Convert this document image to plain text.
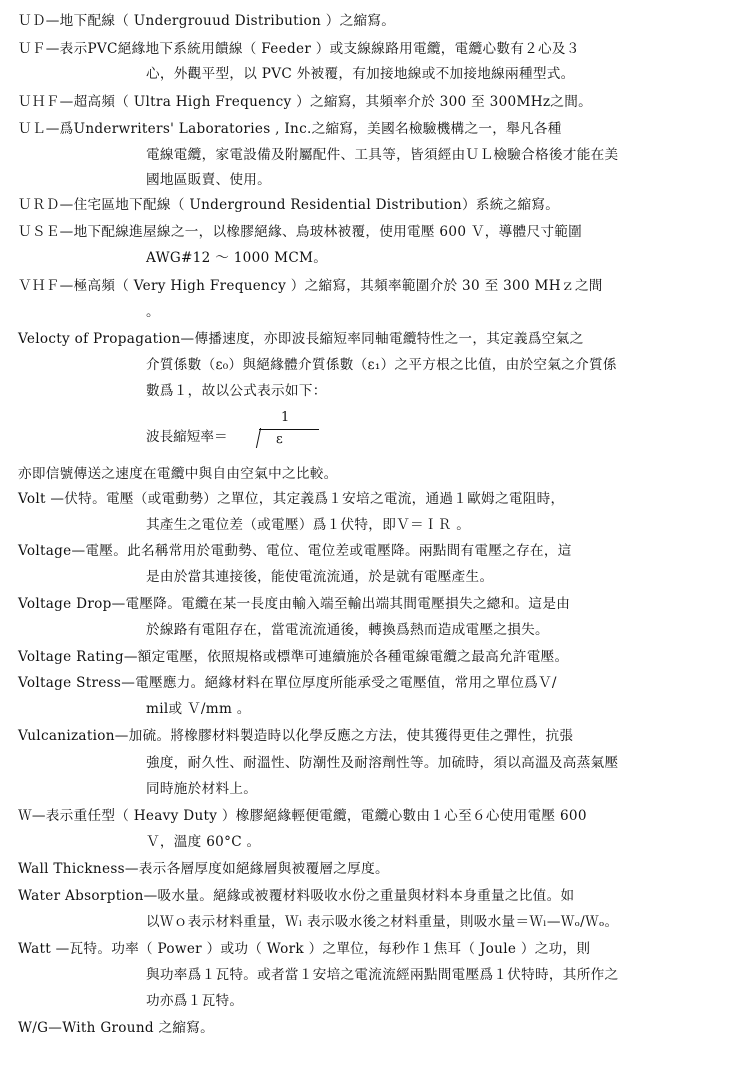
ＵＤ—地下配線（ Undergrouud Distribution ）之縮寫。
ＵＦ—表示PVC絕緣地下系統用饋線（ Feeder ）或支線線路用電纜，電纜心數有２心及３
心，外觀平型，以 PVC 外被覆，有加接地線或不加接地線兩種型式。
ＵＨＦ—超高頻（ Ultra High Frequency ）之縮寫，其頻率介於 300 至 300MHz之間。
ＵＬ—爲Underwriters' Laboratories , Inc.之縮寫，美國名檢驗機構之一，舉凡各種
電線電纜，家電設備及附屬配件、工具等，皆須經由ＵＬ檢驗合格後才能在美
國地區販賣、使用。
ＵＲＤ—住宅區地下配線（ Underground Residential Distribution）系統之縮寫。
ＵＳＥ—地下配線進屋線之一，以橡膠絕緣、鳥玻林被覆，使用電壓 600 Ｖ，導體尺寸範圍
AWG#12 ～ 1000 MCM。
ＶＨＦ—極高頻（ Very High Frequency ）之縮寫，其頻率範圍介於 30 至 300 MHｚ之間
。
Velocty of Propagation—傳播速度，亦即波長縮短率同軸電纜特性之一，其定義爲空氣之
介質係數（ε₀）與絕緣體介質係數（ε₁）之平方根之比值，由於空氣之介質係
數爲１，故以公式表示如下：
亦即信號傳送之速度在電纜中與自由空氣中之比較。
Volt —伏特。電壓（或電動勢）之單位，其定義爲１安培之電流，通過１歐姆之電阻時，
其產生之電位差（或電壓）爲１伏特，即Ｖ＝ＩＲ 。
Voltage—電壓。此名稱常用於電動勢、電位、電位差或電壓降。兩點間有電壓之存在，這
是由於當其連接後，能使電流流通，於是就有電壓產生。
Voltage Drop—電壓降。電纜在某一長度由輸入端至輸出端其間電壓損失之總和。這是由
於線路有電阻存在，當電流流通後，轉換爲熱而造成電壓之損失。
Voltage Rating—額定電壓，依照規格或標準可連續施於各種電線電纜之最高允許電壓。
Voltage Stress—電壓應力。絕緣材料在單位厚度所能承受之電壓值，常用之單位爲Ｖ/
mil或 Ｖ/mm 。
Vulcanization—加硫。將橡膠材料製造時以化學反應之方法，使其獲得更佳之彈性，抗張
強度，耐久性、耐溫性、防潮性及耐溶劑性等。加硫時，須以高溫及高蒸氣壓
同時施於材料上。
Ｗ—表示重任型（ Heavy Duty ）橡膠絕緣輕便電纜，電纜心數由１心至６心使用電壓 600
Ｖ，溫度 60°C 。
Wall Thickness—表示各層厚度如絕緣層與被覆層之厚度。
Water Absorption—吸水量。絕緣或被覆材料吸收水份之重量與材料本身重量之比值。如
以Ｗｏ表示材料重量，Ｗₗ 表示吸水後之材料重量，則吸水量＝Ｗₗ—Ｗₒ/Ｗₒ。
Watt —瓦特。功率（ Power ）或功（ Work ）之單位，每秒作１焦耳（ Joule ）之功，則
與功率爲１瓦特。或者當１安培之電流流經兩點間電壓爲１伏特時，其所作之
功亦爲１瓦特。
W/G—With Ground 之縮寫。
波長縮短率＝
1
ε
